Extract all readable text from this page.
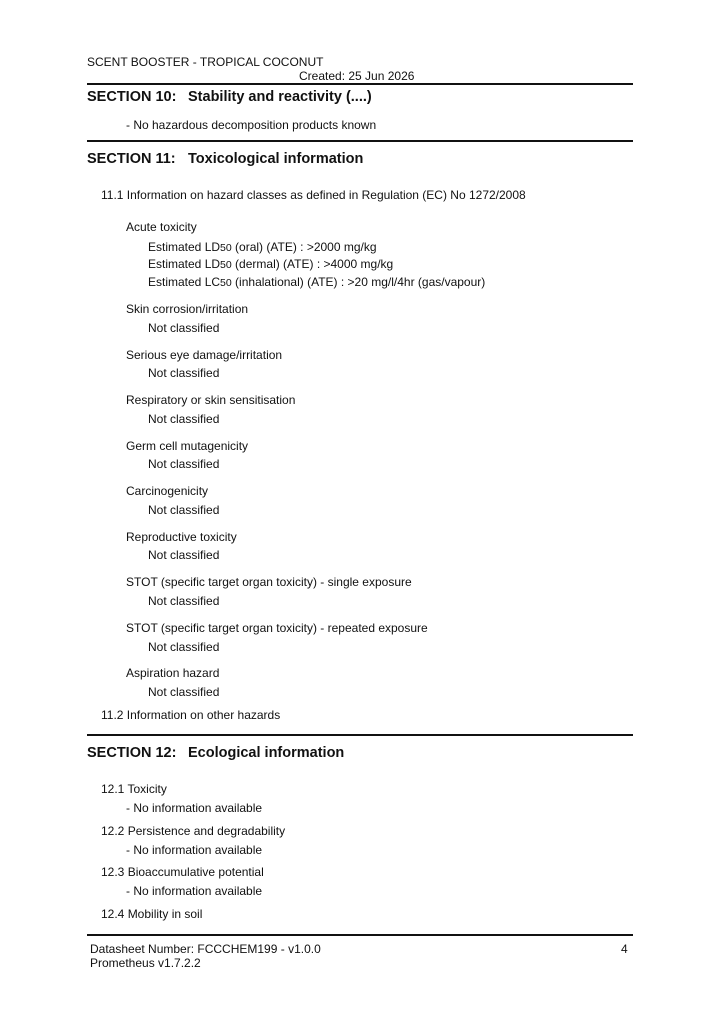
SCENT BOOSTER - TROPICAL COCONUT
Created: 25 Jun 2026
SECTION 10: Stability and reactivity (....)
- No hazardous decomposition products known
SECTION 11: Toxicological information
11.1 Information on hazard classes as defined in Regulation (EC) No 1272/2008
Acute toxicity
Estimated LD50 (oral) (ATE) : >2000 mg/kg
Estimated LD50 (dermal) (ATE) : >4000 mg/kg
Estimated LC50 (inhalational) (ATE) : >20 mg/l/4hr (gas/vapour)
Skin corrosion/irritation
Not classified
Serious eye damage/irritation
Not classified
Respiratory or skin sensitisation
Not classified
Germ cell mutagenicity
Not classified
Carcinogenicity
Not classified
Reproductive toxicity
Not classified
STOT (specific target organ toxicity) - single exposure
Not classified
STOT (specific target organ toxicity) - repeated exposure
Not classified
Aspiration hazard
Not classified
11.2 Information on other hazards
SECTION 12: Ecological information
12.1 Toxicity
- No information available
12.2 Persistence and degradability
- No information available
12.3 Bioaccumulative potential
- No information available
12.4 Mobility in soil
Datasheet Number: FCCCHEM199 - v1.0.0
Prometheus v1.7.2.2
4
